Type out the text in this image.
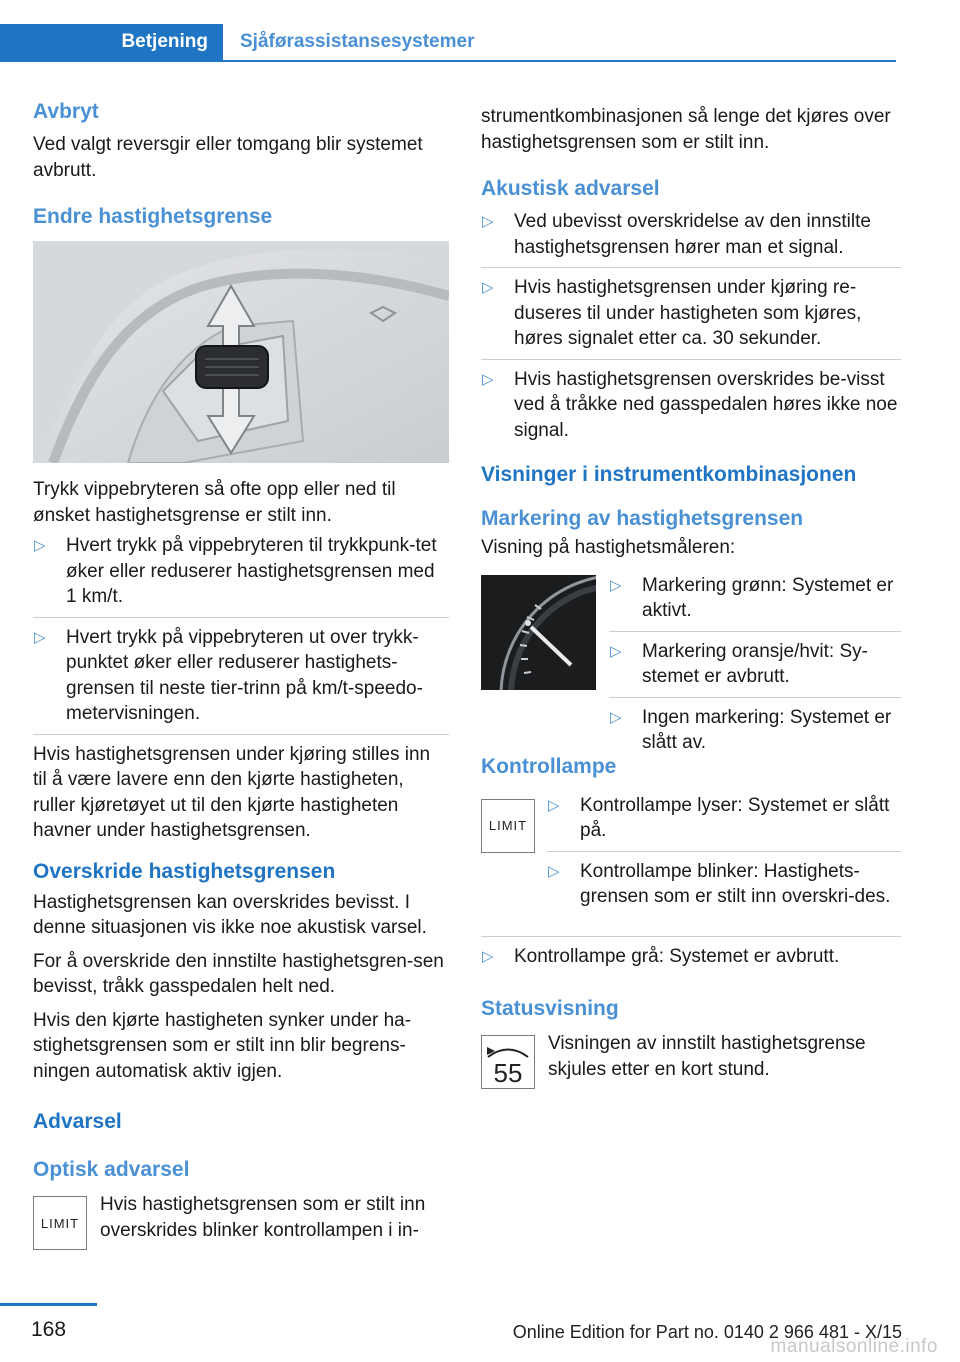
Betjening	Sjåførassistansesystemer
Avbryt

Ved valgt reversgir eller tomgang blir systemet avbrutt.

Endre hastighetsgrense

Trykk vippebryteren så ofte opp eller ned til ønsket hastighetsgrense er stilt inn.

▷ Hvert trykk på vippebryteren til trykkpunk‐tet øker eller reduserer hastighetsgrensen med 1 km/t.
▷ Hvert trykk på vippebryteren ut over trykk‐punktet øker eller reduserer hastighets‐grensen til neste tier-trinn på km/t-speedo‐metervisningen.

Hvis hastighetsgrensen under kjøring stilles inn til å være lavere enn den kjørte hastigheten, ruller kjøretøyet ut til den kjørte hastigheten havner under hastighetsgrensen.

Overskride hastighetsgrensen

Hastighetsgrensen kan overskrides bevisst. I denne situasjonen vis ikke noe akustisk varsel.

For å overskride den innstilte hastighetsgren‐sen bevisst, tråkk gasspedalen helt ned.

Hvis den kjørte hastigheten synker under ha‐stighetsgrensen som er stilt inn blir begrens‐ningen automatisk aktiv igjen.

Advarsel
Optisk advarsel
LIMIT

Hvis hastighetsgrensen som er stilt inn overskrides blinker kontrollampen i in‐

strumentkombinasjonen så lenge det kjøres over hastighetsgrensen som er stilt inn.

Akustisk advarsel
▷ Ved ubevisst overskridelse av den innstilte hastighetsgrensen hører man et signal.
▷ Hvis hastighetsgrensen under kjøring re‐duseres til under hastigheten som kjøres, høres signalet etter ca. 30 sekunder.
▷ Hvis hastighetsgrensen overskrides be‐visst ved å tråkke ned gasspedalen høres ikke noe signal.
Visninger i instrumentkombinasjonen
Markering av hastighetsgrensen

Visning på hastighetsmåleren:

▷ Markering grønn: Systemet er aktivt.
▷ Markering oransje/hvit: Sy‐stemet er avbrutt.
▷ Ingen markering: Systemet er slått av.
Kontrollampe
LIMIT
▷ Kontrollampe lyser: Systemet er slått på.
▷ Kontrollampe blinker: Hastighets‐grensen som er stilt inn overskri‐des.
▷ Kontrollampe grå: Systemet er avbrutt.
Statusvisning
55

Visningen av innstilt hastighetsgrense skjules etter en kort stund.

168	Online Edition for Part no. 0140 2 966 481 - X/15
manualsonline.info
